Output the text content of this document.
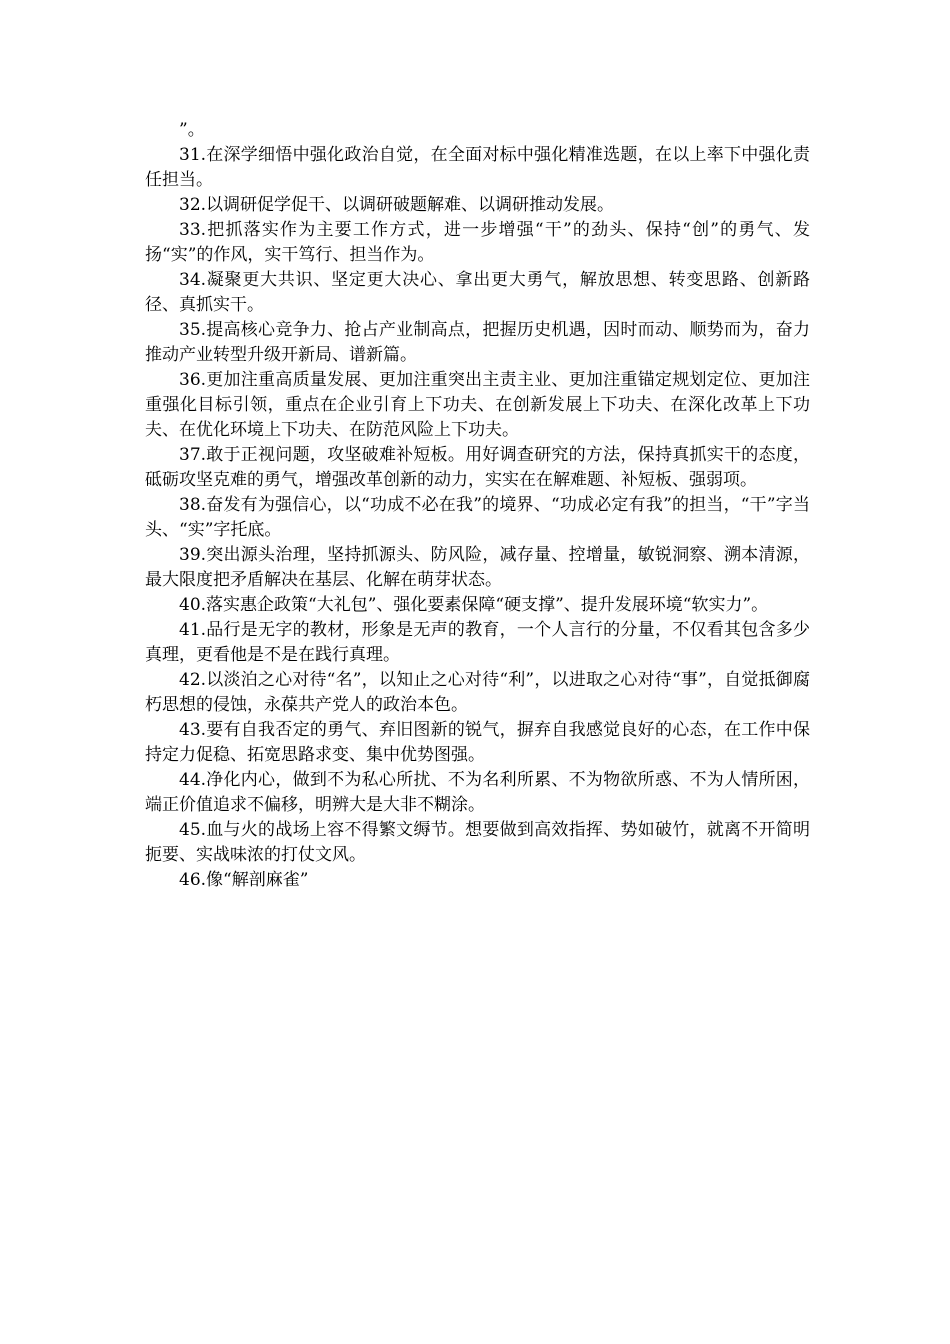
”。

31.在深学细悟中强化政治自觉，在全面对标中强化精准选题，在以上率下中强化责任担当。

32.以调研促学促干、以调研破题解难、以调研推动发展。

33.把抓落实作为主要工作方式，进一步增强“干”的劲头、保持“创”的勇气、发扬“实”的作风，实干笃行、担当作为。

34.凝聚更大共识、坚定更大决心、拿出更大勇气，解放思想、转变思路、创新路径、真抓实干。

35.提高核心竞争力、抢占产业制高点，把握历史机遇，因时而动、顺势而为，奋力推动产业转型升级开新局、谱新篇。

36.更加注重高质量发展、更加注重突出主责主业、更加注重锚定规划定位、更加注重强化目标引领，重点在企业引育上下功夫、在创新发展上下功夫、在深化改革上下功夫、在优化环境上下功夫、在防范风险上下功夫。

37.敢于正视问题，攻坚破难补短板。用好调查研究的方法，保持真抓实干的态度，砥砺攻坚克难的勇气，增强改革创新的动力，实实在在解难题、补短板、强弱项。

38.奋发有为强信心，以“功成不必在我”的境界、“功成必定有我”的担当，“干”字当头、“实”字托底。

39.突出源头治理，坚持抓源头、防风险，减存量、控增量，敏锐洞察、溯本清源，最大限度把矛盾解决在基层、化解在萌芽状态。

40.落实惠企政策“大礼包”、强化要素保障“硬支撑”、提升发展环境“软实力”。

41.品行是无字的教材，形象是无声的教育，一个人言行的分量，不仅看其包含多少真理，更看他是不是在践行真理。

42.以淡泊之心对待“名”，以知止之心对待“利”，以进取之心对待“事”，自觉抵御腐朽思想的侵蚀，永葆共产党人的政治本色。

43.要有自我否定的勇气、弃旧图新的锐气，摒弃自我感觉良好的心态，在工作中保持定力促稳、拓宽思路求变、集中优势图强。

44.净化内心，做到不为私心所扰、不为名利所累、不为物欲所惑、不为人情所困，端正价值追求不偏移，明辨大是大非不糊涂。

45.血与火的战场上容不得繁文缛节。想要做到高效指挥、势如破竹，就离不开简明扼要、实战味浓的打仗文风。

46.像“解剖麻雀”
